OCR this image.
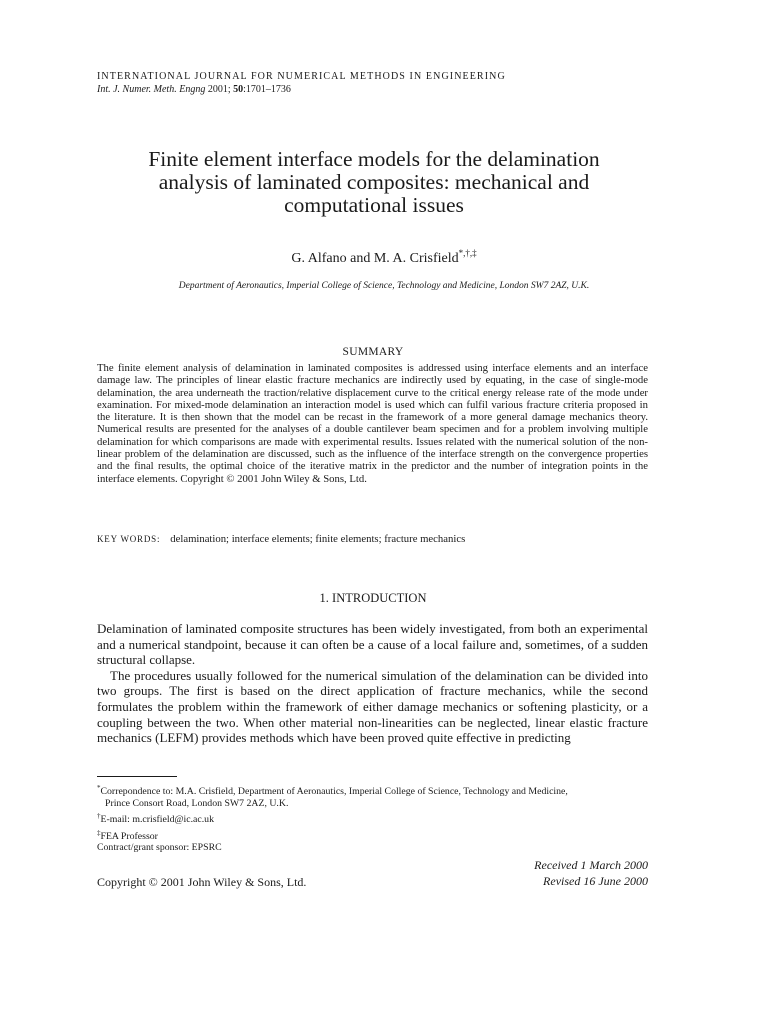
INTERNATIONAL JOURNAL FOR NUMERICAL METHODS IN ENGINEERING
Int. J. Numer. Meth. Engng 2001; 50:1701–1736
Finite element interface models for the delamination
analysis of laminated composites: mechanical and
computational issues
G. Alfano and M. A. Crisfield*,†,‡
Department of Aeronautics, Imperial College of Science, Technology and Medicine, London SW7 2AZ, U.K.
SUMMARY
The finite element analysis of delamination in laminated composites is addressed using interface elements and an interface damage law. The principles of linear elastic fracture mechanics are indirectly used by equating, in the case of single-mode delamination, the area underneath the traction/relative displacement curve to the critical energy release rate of the mode under examination. For mixed-mode delamination an interaction model is used which can fulfil various fracture criteria proposed in the literature. It is then shown that the model can be recast in the framework of a more general damage mechanics theory. Numerical results are presented for the analyses of a double cantilever beam specimen and for a problem involving multiple delamination for which comparisons are made with experimental results. Issues related with the numerical solution of the non-linear problem of the delamination are discussed, such as the influence of the interface strength on the convergence properties and the final results, the optimal choice of the iterative matrix in the predictor and the number of integration points in the interface elements. Copyright © 2001 John Wiley & Sons, Ltd.
KEY WORDS: delamination; interface elements; finite elements; fracture mechanics
1. INTRODUCTION

Delamination of laminated composite structures has been widely investigated, from both an experimental and a numerical standpoint, because it can often be a cause of a local failure and, sometimes, of a sudden structural collapse.

The procedures usually followed for the numerical simulation of the delamination can be divided into two groups. The first is based on the direct application of fracture mechanics, while the second formulates the problem within the framework of either damage mechanics or softening plasticity, or a coupling between the two. When other material non-linearities can be neglected, linear elastic fracture mechanics (LEFM) provides methods which have been proved quite effective in predicting

*Correpondence to: M.A. Crisfield, Department of Aeronautics, Imperial College of Science, Technology and Medicine,
Prince Consort Road, London SW7 2AZ, U.K.
†E-mail: m.crisfield@ic.ac.uk
‡FEA Professor
Contract/grant sponsor: EPSRC
Received 1 March 2000
Revised 16 June 2000
Copyright © 2001 John Wiley & Sons, Ltd.
